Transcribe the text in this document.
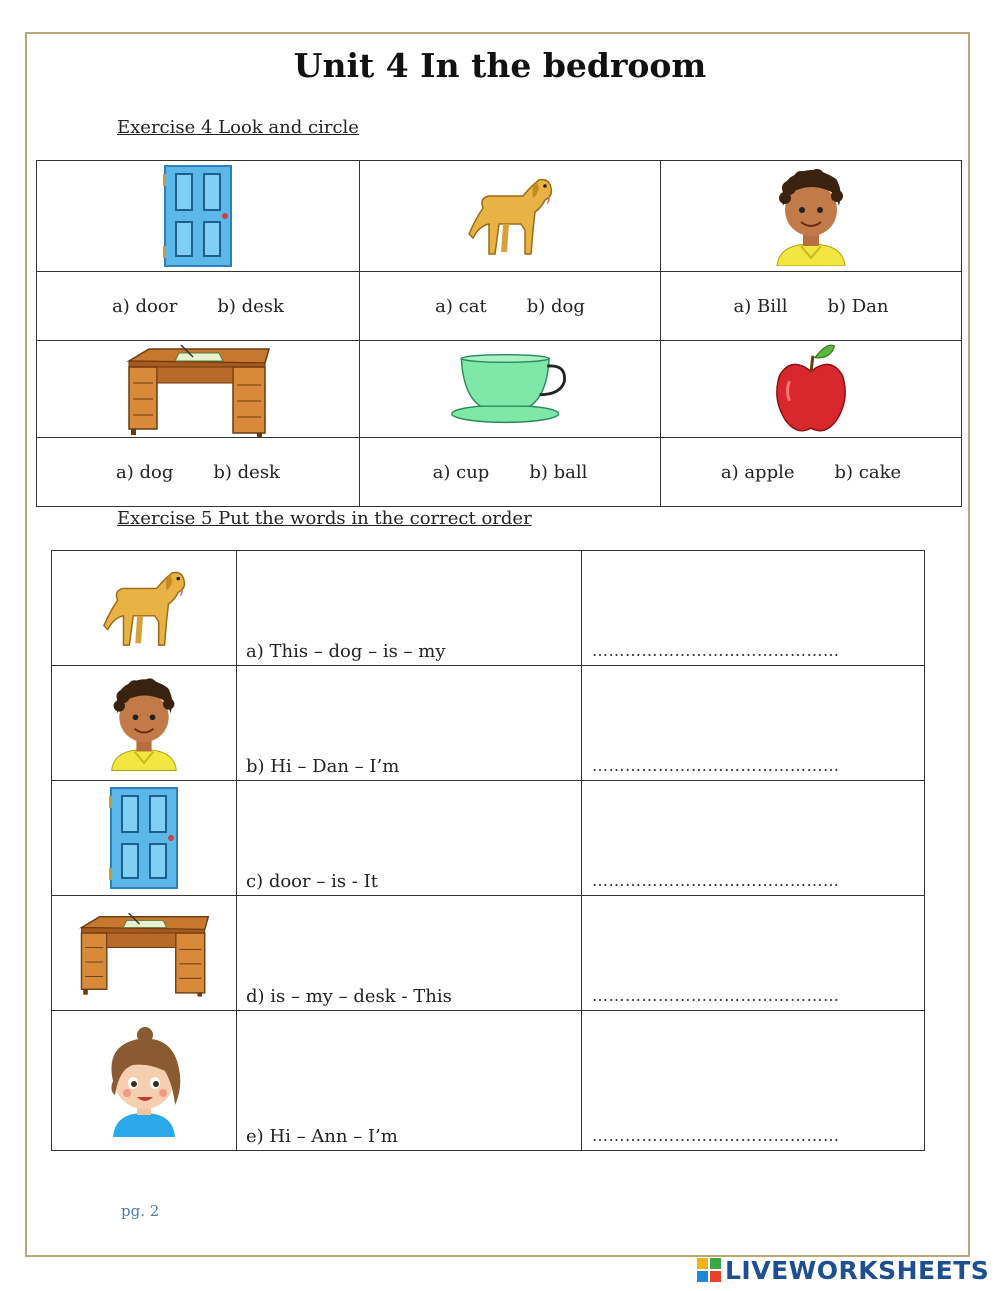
Unit 4 In the bedroom

Exercise 4 Look and circle

a) door b) desk	a) cat b) dog	a) Bill b) Dan

a) dog b) desk	a) cup b) ball	a) apple b) cake

Exercise 5 Put the words in the correct order

	a) This – dog – is – my	………………………………………
	b) Hi – Dan – I’m	………………………………………
	c) door – is - It	………………………………………
	d) is – my – desk - This	………………………………………
	e) Hi – Ann – I’m	………………………………………

pg. 2

LIVEWORKSHEETS
